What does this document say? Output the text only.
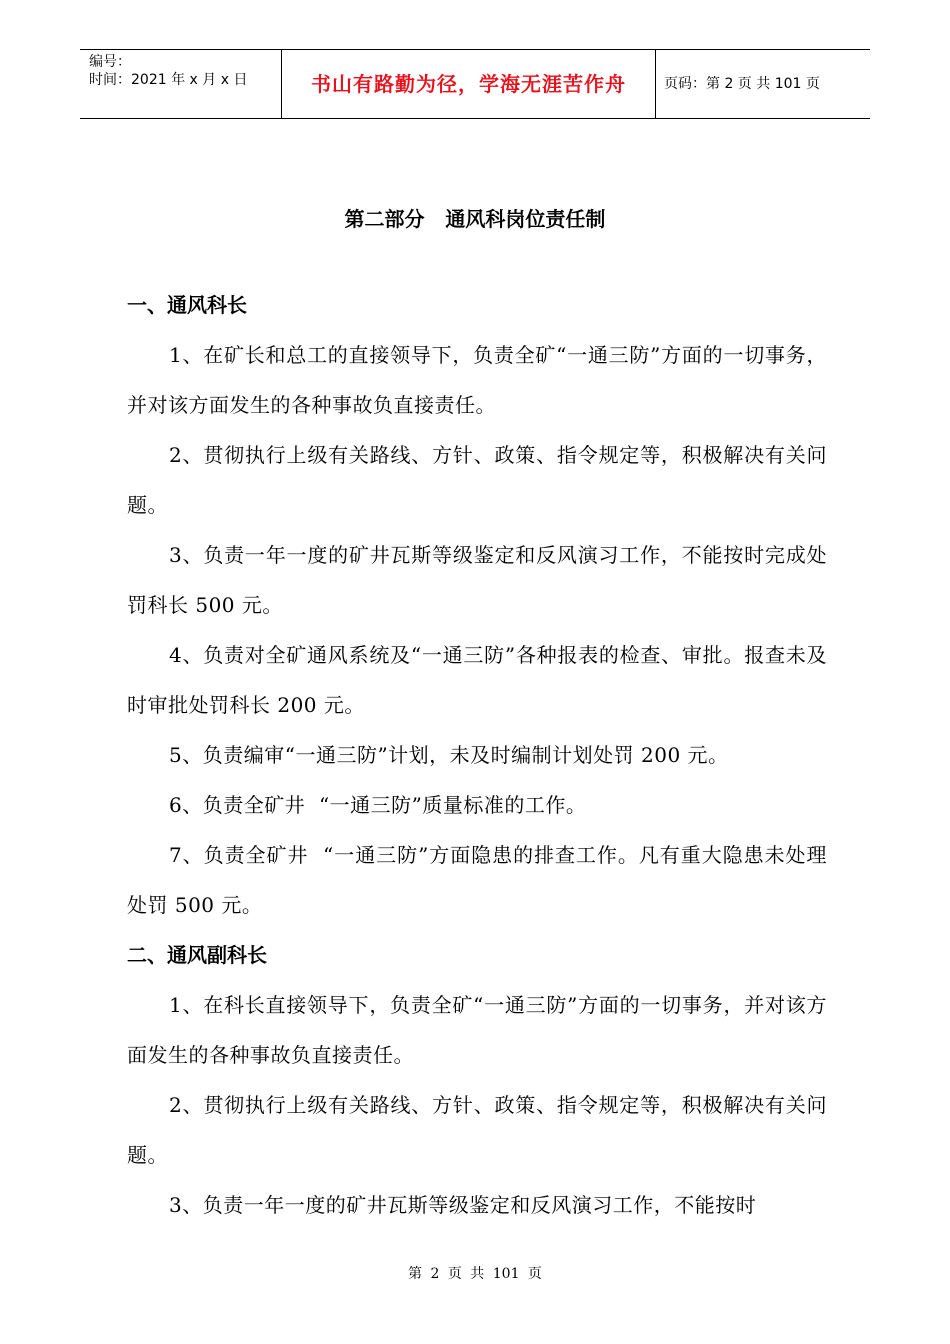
编号：
时间：2021 年 x 月 x 日	书山有路勤为径，学海无涯苦作舟	页码：第 2 页 共 101 页
第二部分   通风科岗位责任制

一、通风科长

1、在矿长和总工的直接领导下，负责全矿“一通三防”方面的一切事务，并对该方面发生的各种事故负直接责任。

2、贯彻执行上级有关路线、方针、政策、指令规定等，积极解决有关问题。

3、负责一年一度的矿井瓦斯等级鉴定和反风演习工作，不能按时完成处罚科长 500 元。

4、负责对全矿通风系统及“一通三防”各种报表的检查、审批。报查未及时审批处罚科长 200 元。

5、负责编审“一通三防”计划，未及时编制计划处罚 200 元。

6、负责全矿井  “一通三防”质量标准的工作。

7、负责全矿井  “一通三防”方面隐患的排查工作。凡有重大隐患未处理处罚 500 元。

二、通风副科长

1、在科长直接领导下，负责全矿“一通三防”方面的一切事务，并对该方面发生的各种事故负直接责任。

2、贯彻执行上级有关路线、方针、政策、指令规定等，积极解决有关问题。

3、负责一年一度的矿井瓦斯等级鉴定和反风演习工作，不能按时

第 2 页 共 101 页
